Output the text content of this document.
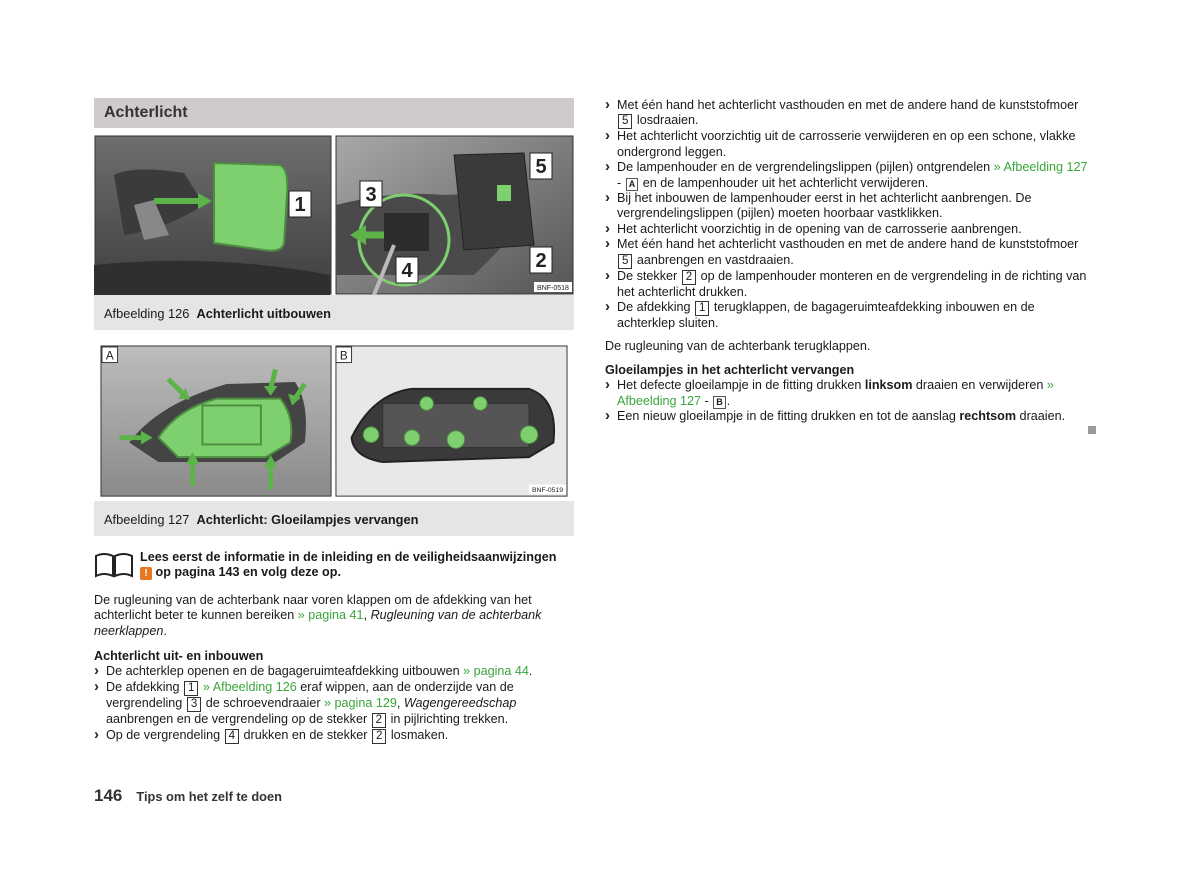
Achterlicht
1	3
4
5
2
BNF-0518
Afbeelding 126 Achterlicht uitbouwen
A	B
BNF-0519
Afbeelding 127 Achterlicht: Gloeilampjes vervangen
Lees eerst de informatie in de inleiding en de veiligheidsaanwijzingen
! op pagina 143 en volg deze op.

De rugleuning van de achterbank naar voren klappen om de afdekking van het achterlicht beter te kunnen bereiken » pagina 41, Rugleuning van de achterbank neerklappen.

Achterlicht uit- en inbouwen
› De achterklep openen en de bagageruimteafdekking uitbouwen » pagina 44.
› De afdekking 1 » Afbeelding 126 eraf wippen, aan de onderzijde van de vergrendeling 3 de schroevendraaier » pagina 129, Wagengereedschap aanbrengen en de vergrendeling op de stekker 2 in pijlrichting trekken.
› Op de vergrendeling 4 drukken en de stekker 2 losmaken.
› Met één hand het achterlicht vasthouden en met de andere hand de kunststofmoer 5 losdraaien.
› Het achterlicht voorzichtig uit de carrosserie verwijderen en op een schone, vlakke ondergrond leggen.
› De lampenhouder en de vergrendelingslippen (pijlen) ontgrendelen » Afbeelding 127 - A en de lampenhouder uit het achterlicht verwijderen.
› Bij het inbouwen de lampenhouder eerst in het achterlicht aanbrengen. De vergrendelingslippen (pijlen) moeten hoorbaar vastklikken.
› Het achterlicht voorzichtig in de opening van de carrosserie aanbrengen.
› Met één hand het achterlicht vasthouden en met de andere hand de kunststofmoer 5 aanbrengen en vastdraaien.
› De stekker 2 op de lampenhouder monteren en de vergrendeling in de richting van het achterlicht drukken.
› De afdekking 1 terugklappen, de bagageruimteafdekking inbouwen en de achterklep sluiten.

De rugleuning van de achterbank terugklappen.

Gloeilampjes in het achterlicht vervangen
› Het defecte gloeilampje in de fitting drukken linksom draaien en verwijderen » Afbeelding 127 - B .
› Een nieuw gloeilampje in de fitting drukken en tot de aanslag rechtsom draaien.
146 Tips om het zelf te doen
